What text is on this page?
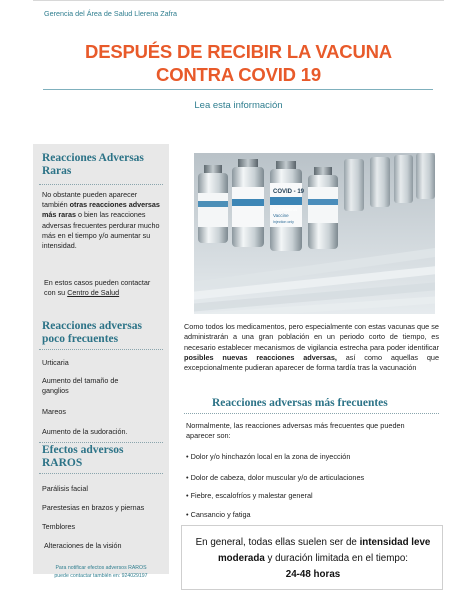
Gerencia del Área de Salud Llerena Zafra
DESPUÉS DE RECIBIR LA VACUNA
CONTRA COVID 19
Lea esta información
Reacciones Adversas
Raras
No obstante pueden aparecer también otras reacciones adversas más raras o bien las reacciones adversas frecuentes perdurar mucho más en el tiempo y/o aumentar su intensidad.
En estos casos pueden contactar con su Centro de Salud
Reacciones adversas
poco frecuentes
Urticaria
Aumento del tamaño de ganglios
Mareos
Aumento de la sudoración.
Efectos adversos
RAROS
Parálisis facial
Parestesias en brazos y piernas
Temblores
Alteraciones de la visión
Para notificar efectos adversos RAROS
puede contactar también en: 924029197
COVID - 19
Coronavirus
Vaccine
Injection only
Como todos los medicamentos, pero especialmente con estas vacunas que se administrarán a una gran población en un periodo corto de tiempo, es necesario establecer mecanismos de vigilancia estrecha para poder identificar posibles nuevas reacciones adversas, así como aquellas que excepcionalmente pudieran aparecer de forma tardía tras la vacunación
Reacciones adversas más frecuentes
Normalmente, las reacciones adversas más frecuentes que pueden aparecer son:
• Dolor y/o hinchazón local en la zona de inyección
• Dolor de cabeza, dolor muscular y/o de articulaciones
• Fiebre, escalofríos y malestar general
• Cansancio y fatiga
En general, todas ellas suelen ser de intensidad leve moderada y duración limitada en el tiempo:
24-48 horas
